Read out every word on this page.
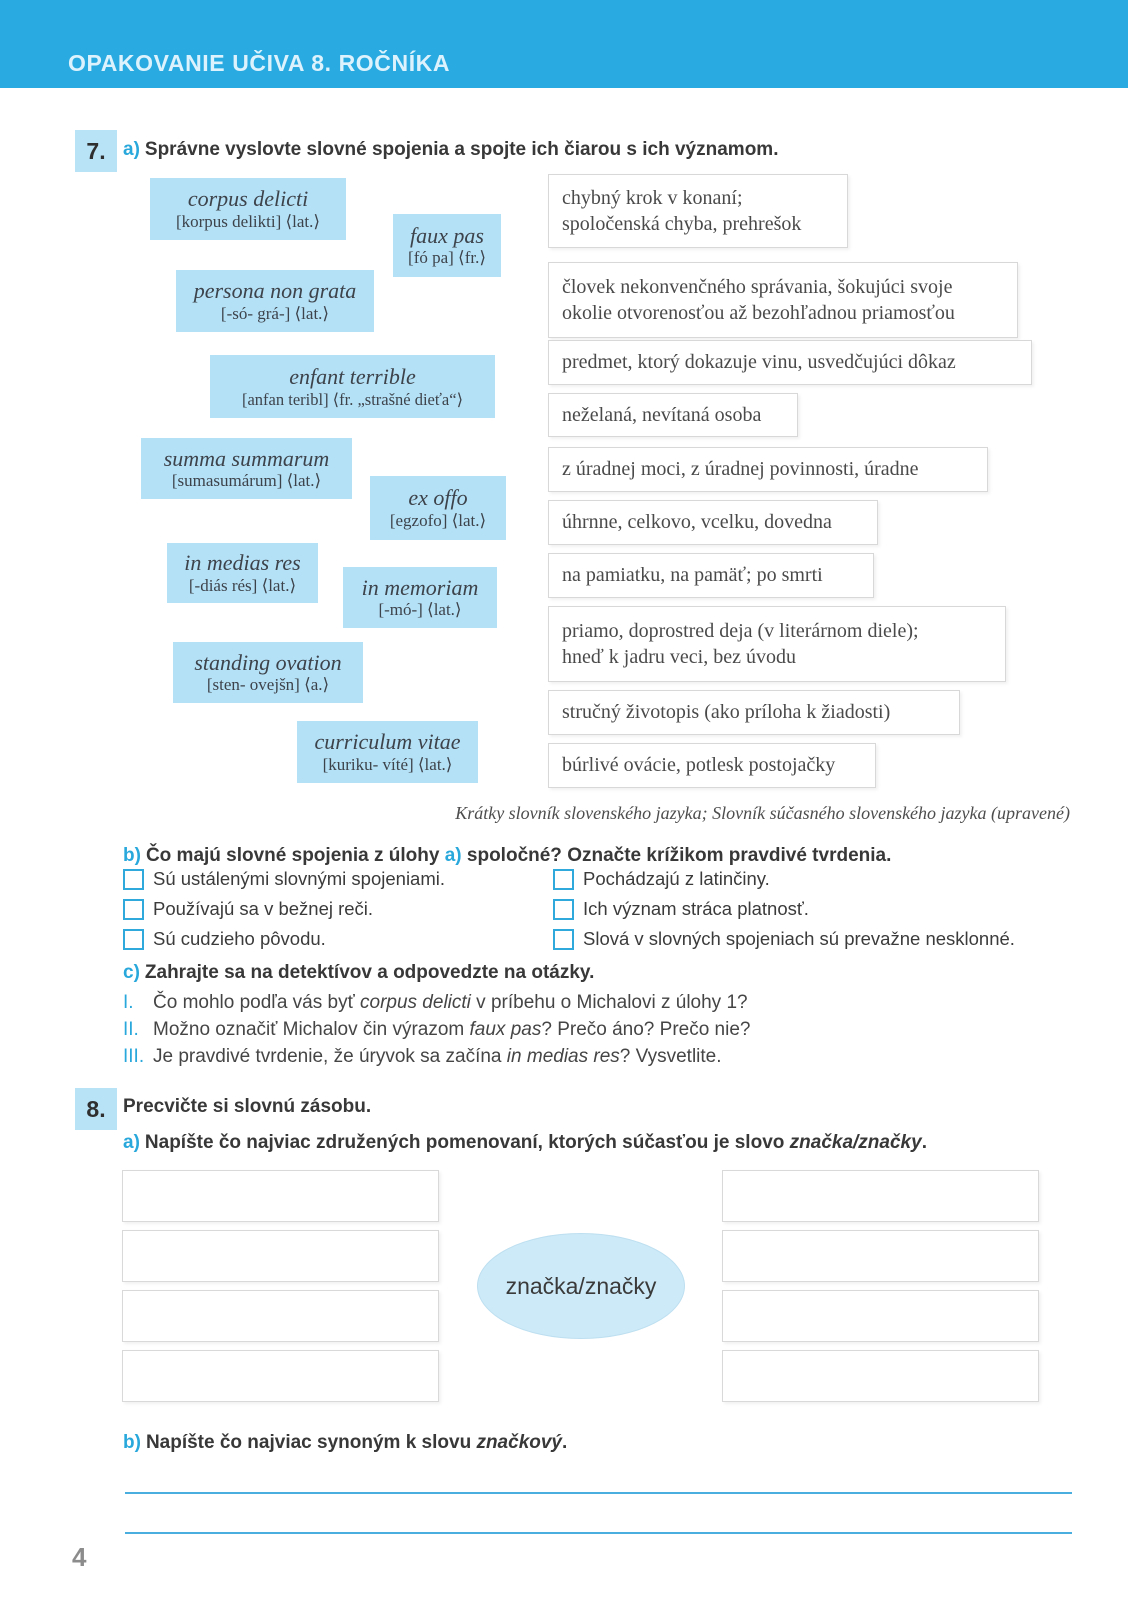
OPAKOVANIE UČIVA 8. ROČNÍKA
7. a) Správne vyslovte slovné spojenia a spojte ich čiarou s ich významom.
corpus delicti
[korpus delikti] ⟨lat.⟩
faux pas
[fó pa] ⟨fr.⟩
persona non grata
[-só- grá-] ⟨lat.⟩
enfant terrible
[anfan teribl] ⟨fr. „strašné dieťa“⟩
summa summarum
[sumasumárum] ⟨lat.⟩
ex offo
[egzofo] ⟨lat.⟩
in medias res
[-diás rés] ⟨lat.⟩	in memoriam
[-mó-] ⟨lat.⟩
standing ovation
[sten- ovejšn] ⟨a.⟩
curriculum vitae
[kuriku- víté] ⟨lat.⟩
chybný krok v konaní;
spoločenská chyba, prehrešok
človek nekonvenčného správania, šokujúci svoje
okolie otvorenosťou až bezohľadnou priamosťou
predmet, ktorý dokazuje vinu, usvedčujúci dôkaz
neželaná, nevítaná osoba
z úradnej moci, z úradnej povinnosti, úradne
úhrnne, celkovo, vcelku, dovedna
na pamiatku, na pamäť; po smrti
priamo, doprostred deja (v literárnom diele);
hneď k jadru veci, bez úvodu
stručný životopis (ako príloha k žiadosti)
búrlivé ovácie, potlesk postojačky
Krátky slovník slovenského jazyka; Slovník súčasného slovenského jazyka (upravené)
b) Čo majú slovné spojenia z úlohy a) spoločné? Označte krížikom pravdivé tvrdenia.
Sú ustálenými slovnými spojeniami.
Používajú sa v bežnej reči.
Sú cudzieho pôvodu.
Pochádzajú z latinčiny.
Ich význam stráca platnosť.
Slová v slovných spojeniach sú prevažne nesklonné.
c) Zahrajte sa na detektívov a odpovedzte na otázky.
I. Čo mohlo podľa vás byť corpus delicti v príbehu o Michalovi z úlohy 1?
II. Možno označiť Michalov čin výrazom faux pas? Prečo áno? Prečo nie?
III. Je pravdivé tvrdenie, že úryvok sa začína in medias res? Vysvetlite.
8. Precvičte si slovnú zásobu.
a) Napíšte čo najviac združených pomenovaní, ktorých súčasťou je slovo značka/značky.
značka/značky
b) Napíšte čo najviac synoným k slovu značkový.
4
